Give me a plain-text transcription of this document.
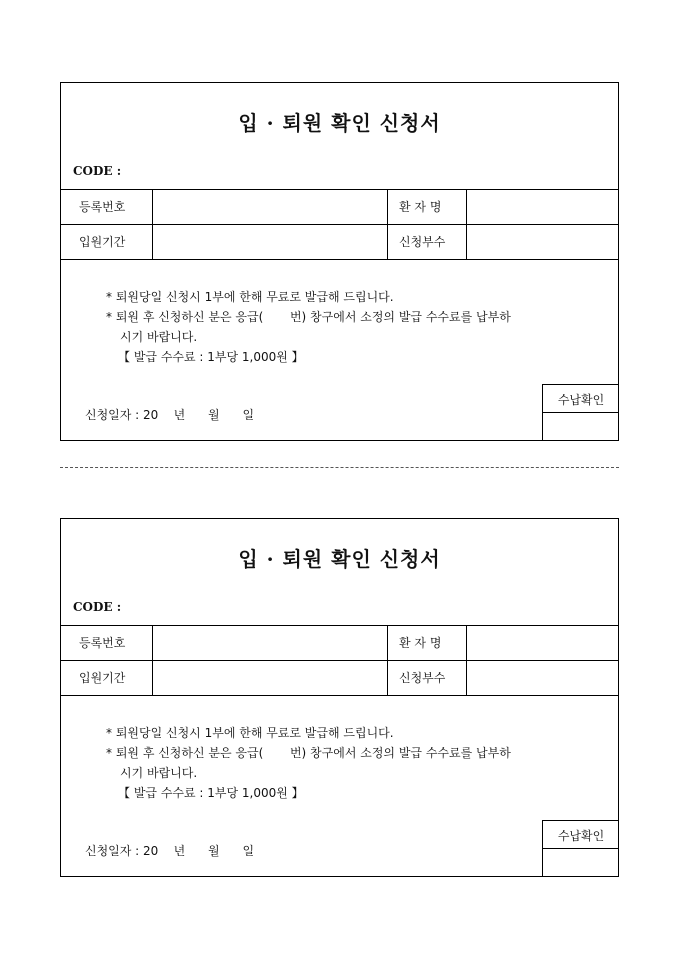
입 · 퇴원 확인 신청서
CODE :
등록번호	환 자 명
입원기간	신청부수
* 퇴원당일 신청시 1부에 한해 무료로 발급해 드립니다.
* 퇴원 후 신청하신 분은 응급(       번) 창구에서 소정의 발급 수수료를 납부하
시기 바랍니다.
【 발급 수수료 : 1부당 1,000원 】
신청일자 : 20    년      월      일
수납확인
입 · 퇴원 확인 신청서
CODE :
등록번호	환 자 명
입원기간	신청부수
* 퇴원당일 신청시 1부에 한해 무료로 발급해 드립니다.
* 퇴원 후 신청하신 분은 응급(       번) 창구에서 소정의 발급 수수료를 납부하
시기 바랍니다.
【 발급 수수료 : 1부당 1,000원 】
신청일자 : 20    년      월      일
수납확인
